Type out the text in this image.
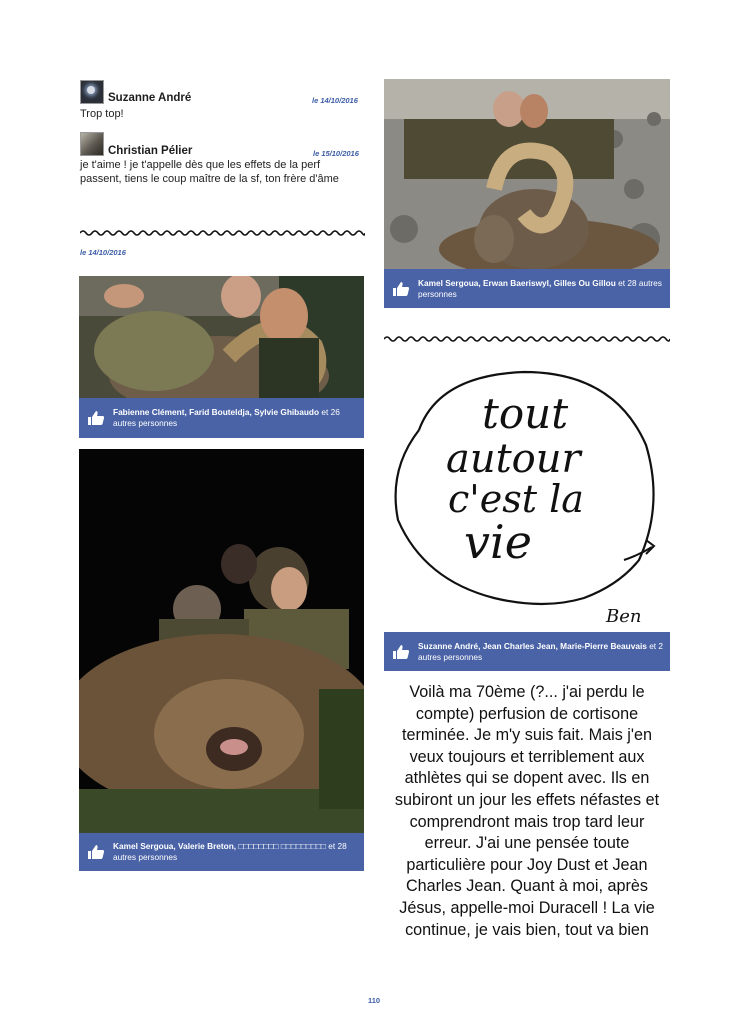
Suzanne André	le 14/10/2016
Trop top!
Christian Pélier	le 15/10/2016
je t'aime ! je t'appelle dès que les effets de la perf passent, tiens le coup maître de la sf, ton frère d'âme
le 14/10/2016
Fabienne Clément, Farid Bouteldja, Sylvie Ghibaudo et 26 autres personnes
Kamel Sergoua, Valerie Breton, □□□□□□□□ □□□□□□□□□ et 28 autres personnes
Kamel Sergoua, Erwan Baeriswyl, Gilles Ou Gillou et 28 autres personnes
tout
autour
c'est la
vie
Ben
Suzanne André, Jean Charles Jean, Marie-Pierre Beauvais et 2 autres personnes
Voilà ma 70ème (?... j'ai perdu le compte) perfusion de cortisone terminée. Je m'y suis fait. Mais j'en veux toujours et terriblement aux athlètes qui se dopent avec. Ils en subiront un jour les effets néfastes et comprendront mais trop tard leur erreur. J'ai une pensée toute particulière pour Joy Dust et Jean Charles Jean. Quant à moi, après Jésus, appelle-moi Duracell ! La vie continue, je vais bien, tout va bien
110
